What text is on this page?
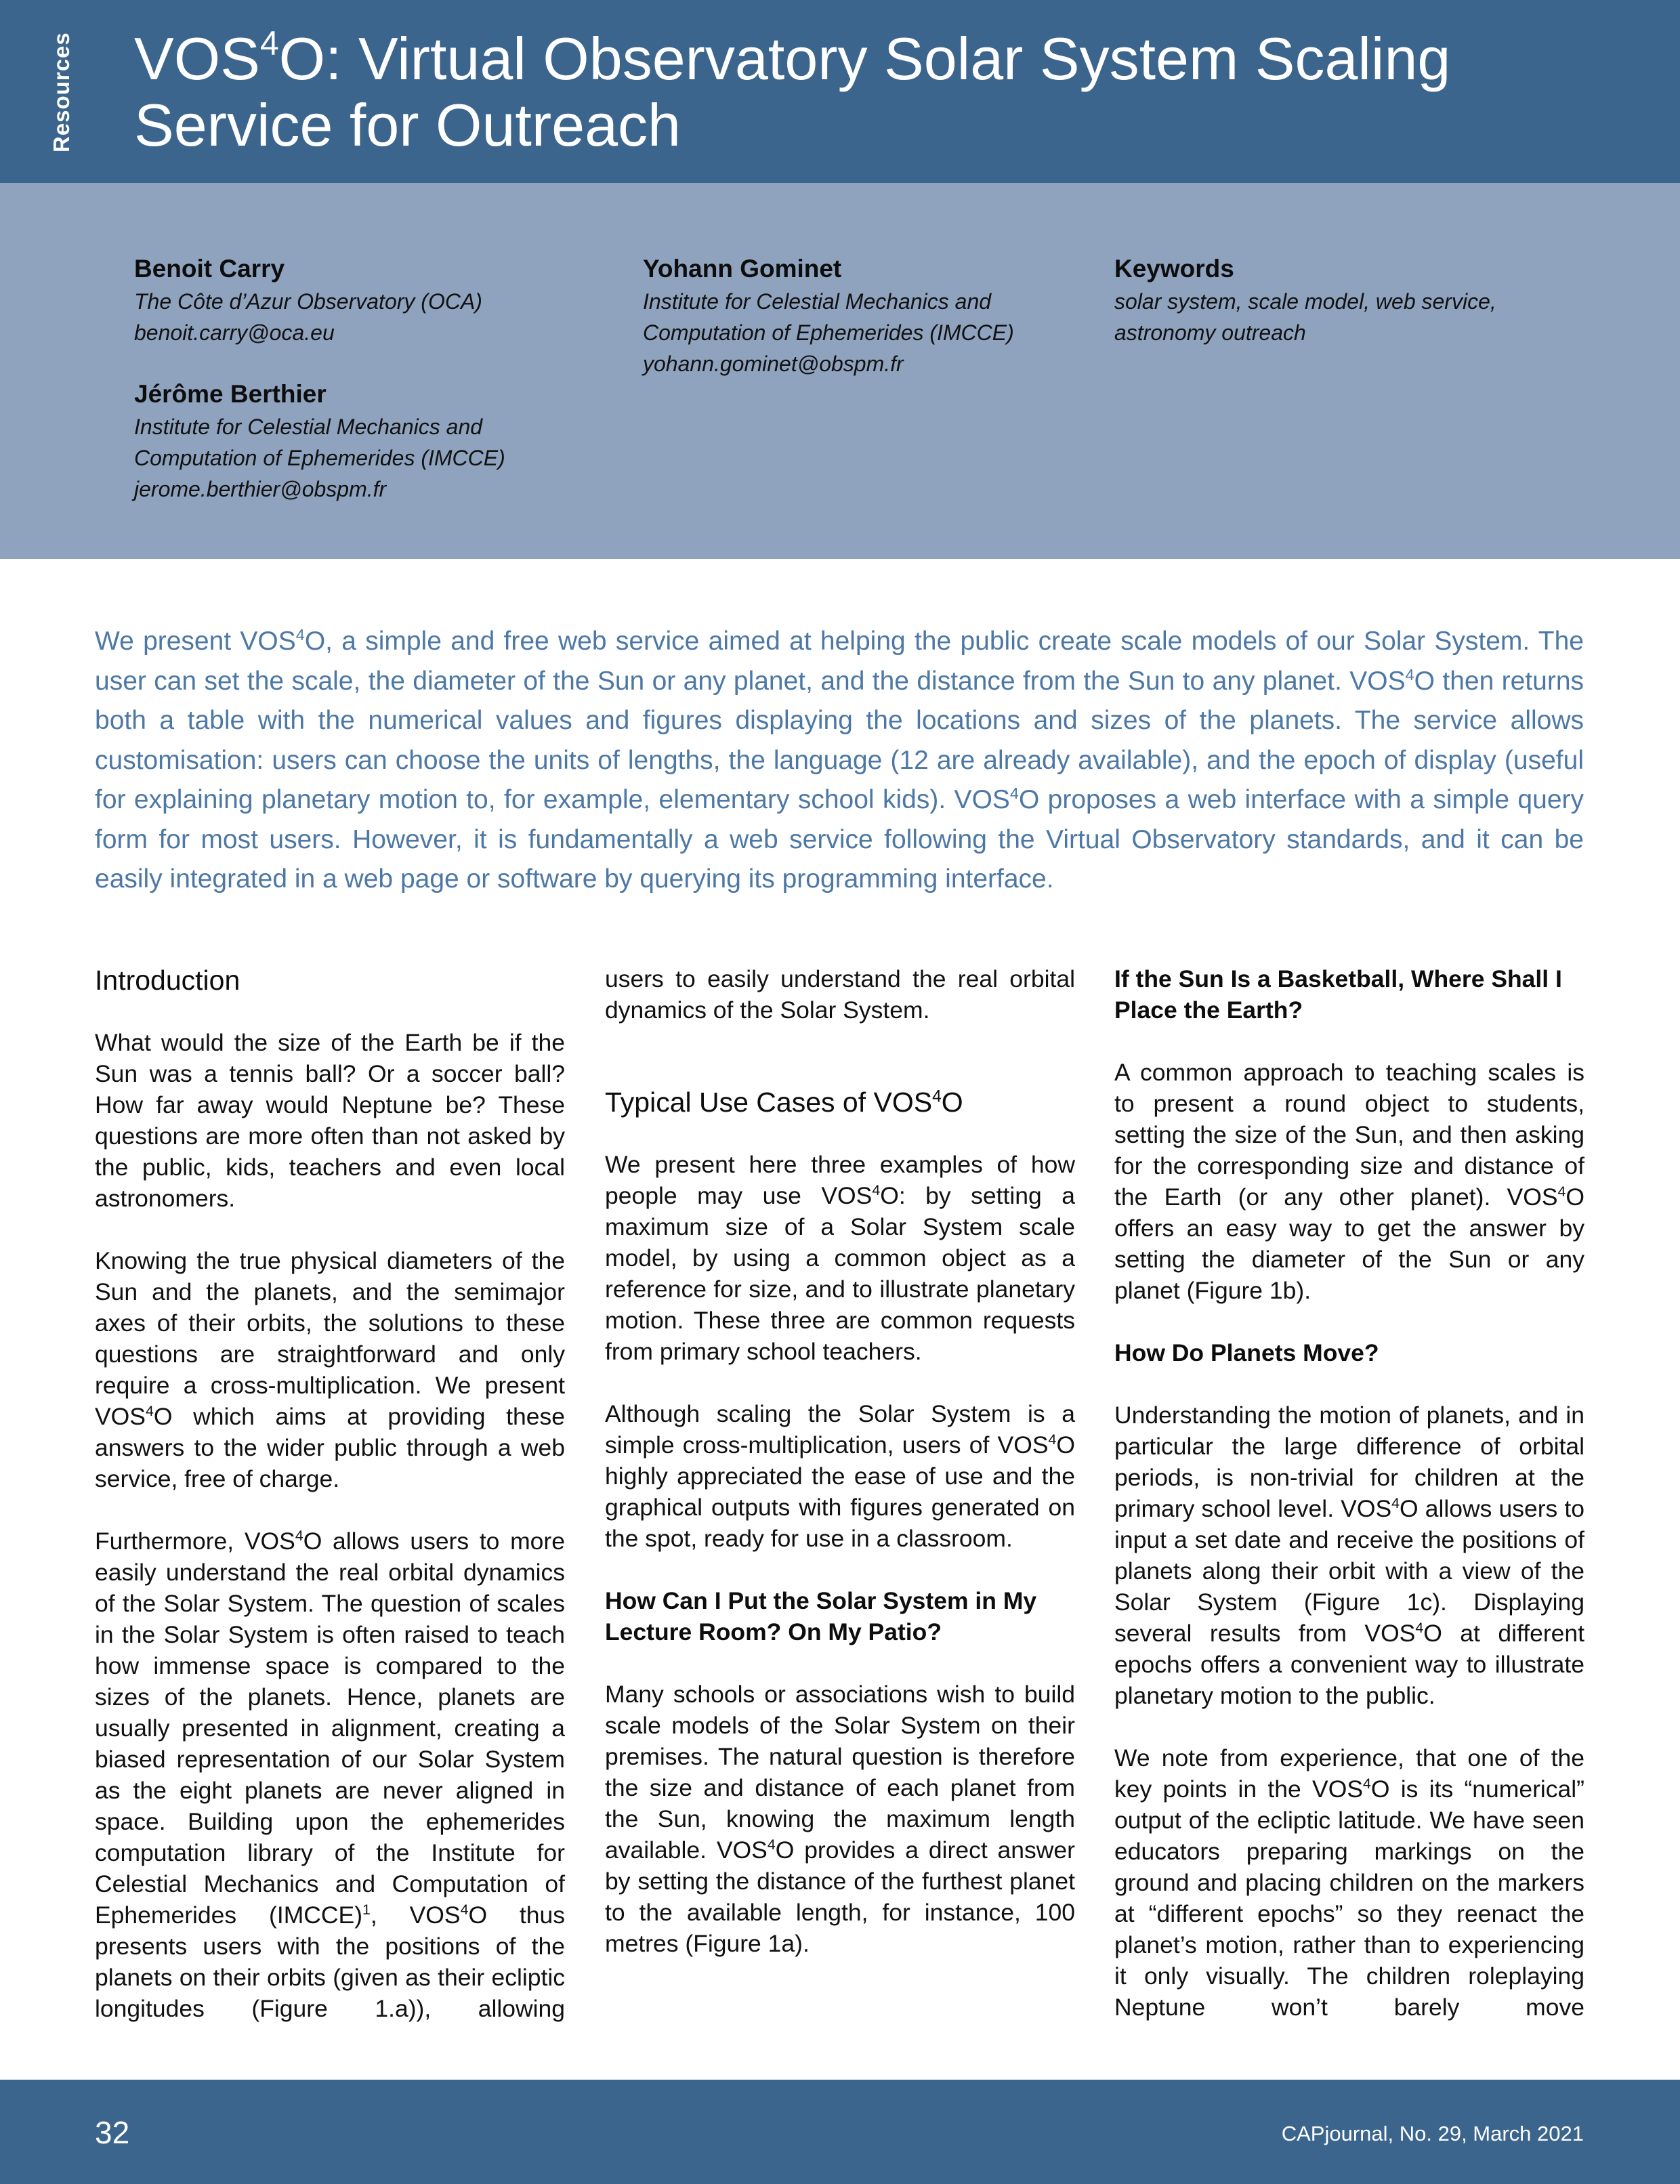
Resources VOS$^4$O: Virtual Observatory Solar System Scaling
Service for Outreach
Benoit Carry
The Côte d’Azur Observatory (OCA)
benoit.carry@oca.eu
Jérôme Berthier
Institute for Celestial Mechanics and
Computation of Ephemerides (IMCCE)
jerome.berthier@obspm.fr
Yohann Gominet
Institute for Celestial Mechanics and
Computation of Ephemerides (IMCCE)
yohann.gominet@obspm.fr
Keywords
solar system, scale model, web service,
astronomy outreach

We present VOS$^4$O, a simple and free web service aimed at helping the public create scale models of our Solar System. The user can set the scale, the diameter of the Sun or any planet, and the distance from the Sun to any planet. VOS$^4$O then returns both a table with the numerical values and figures displaying the locations and sizes of the planets. The service allows customisation: users can choose the units of lengths, the language (12 are already available), and the epoch of display (useful for explaining planetary motion to, for example, elementary school kids). VOS$^4$O proposes a web interface with a simple query form for most users. However, it is fundamentally a web service following the Virtual Observatory standards, and it can be easily integrated in a web page or software by querying its programming interface.

Introduction

What would the size of the Earth be if the Sun was a tennis ball? Or a soccer ball? How far away would Neptune be? These questions are more often than not asked by the public, kids, teachers and even local astronomers.

Knowing the true physical diameters of the Sun and the planets, and the semimajor axes of their orbits, the solutions to these questions are straightforward and only require a cross-multiplication. We present VOS$^4$O which aims at providing these answers to the wider public through a web service, free of charge.

Furthermore, VOS$^4$O allows users to more easily understand the real orbital dynamics of the Solar System. The question of scales in the Solar System is often raised to teach how immense space is compared to the sizes of the planets. Hence, planets are usually presented in alignment, creating a biased representation of our Solar System as the eight planets are never aligned in space. Building upon the ephemerides computation library of the Institute for Celestial Mechanics and Computation of Ephemerides (IMCCE)$^1$, VOS$^4$O thus presents users with the positions of the planets on their orbits (given as their ecliptic longitudes (Figure 1.a)), allowing

users to easily understand the real orbital dynamics of the Solar System.

Typical Use Cases of VOS$^4$O

We present here three examples of how people may use VOS$^4$O: by setting a maximum size of a Solar System scale model, by using a common object as a reference for size, and to illustrate planetary motion. These three are common requests from primary school teachers.

Although scaling the Solar System is a simple cross-multiplication, users of VOS$^4$O highly appreciated the ease of use and the graphical outputs with figures generated on the spot, ready for use in a classroom.

How Can I Put the Solar System in My Lecture Room? On My Patio?

Many schools or associations wish to build scale models of the Solar System on their premises. The natural question is therefore the size and distance of each planet from the Sun, knowing the maximum length available. VOS$^4$O provides a direct answer by setting the distance of the furthest planet to the available length, for instance, 100 metres (Figure 1a).

If the Sun Is a Basketball, Where Shall I Place the Earth?

A common approach to teaching scales is to present a round object to students, setting the size of the Sun, and then asking for the corresponding size and distance of the Earth (or any other planet). VOS$^4$O offers an easy way to get the answer by setting the diameter of the Sun or any planet (Figure 1b).

How Do Planets Move?

Understanding the motion of planets, and in particular the large difference of orbital periods, is non-trivial for children at the primary school level. VOS$^4$O allows users to input a set date and receive the positions of planets along their orbit with a view of the Solar System (Figure 1c). Displaying several results from VOS$^4$O at different epochs offers a convenient way to illustrate planetary motion to the public.

We note from experience, that one of the key points in the VOS$^4$O is its “numerical” output of the ecliptic latitude. We have seen educators preparing markings on the ground and placing children on the markers at “different epochs” so they reenact the planet’s motion, rather than to experiencing it only visually. The children roleplaying Neptune won’t barely move

32	CAPjournal, No. 29, March 2021
